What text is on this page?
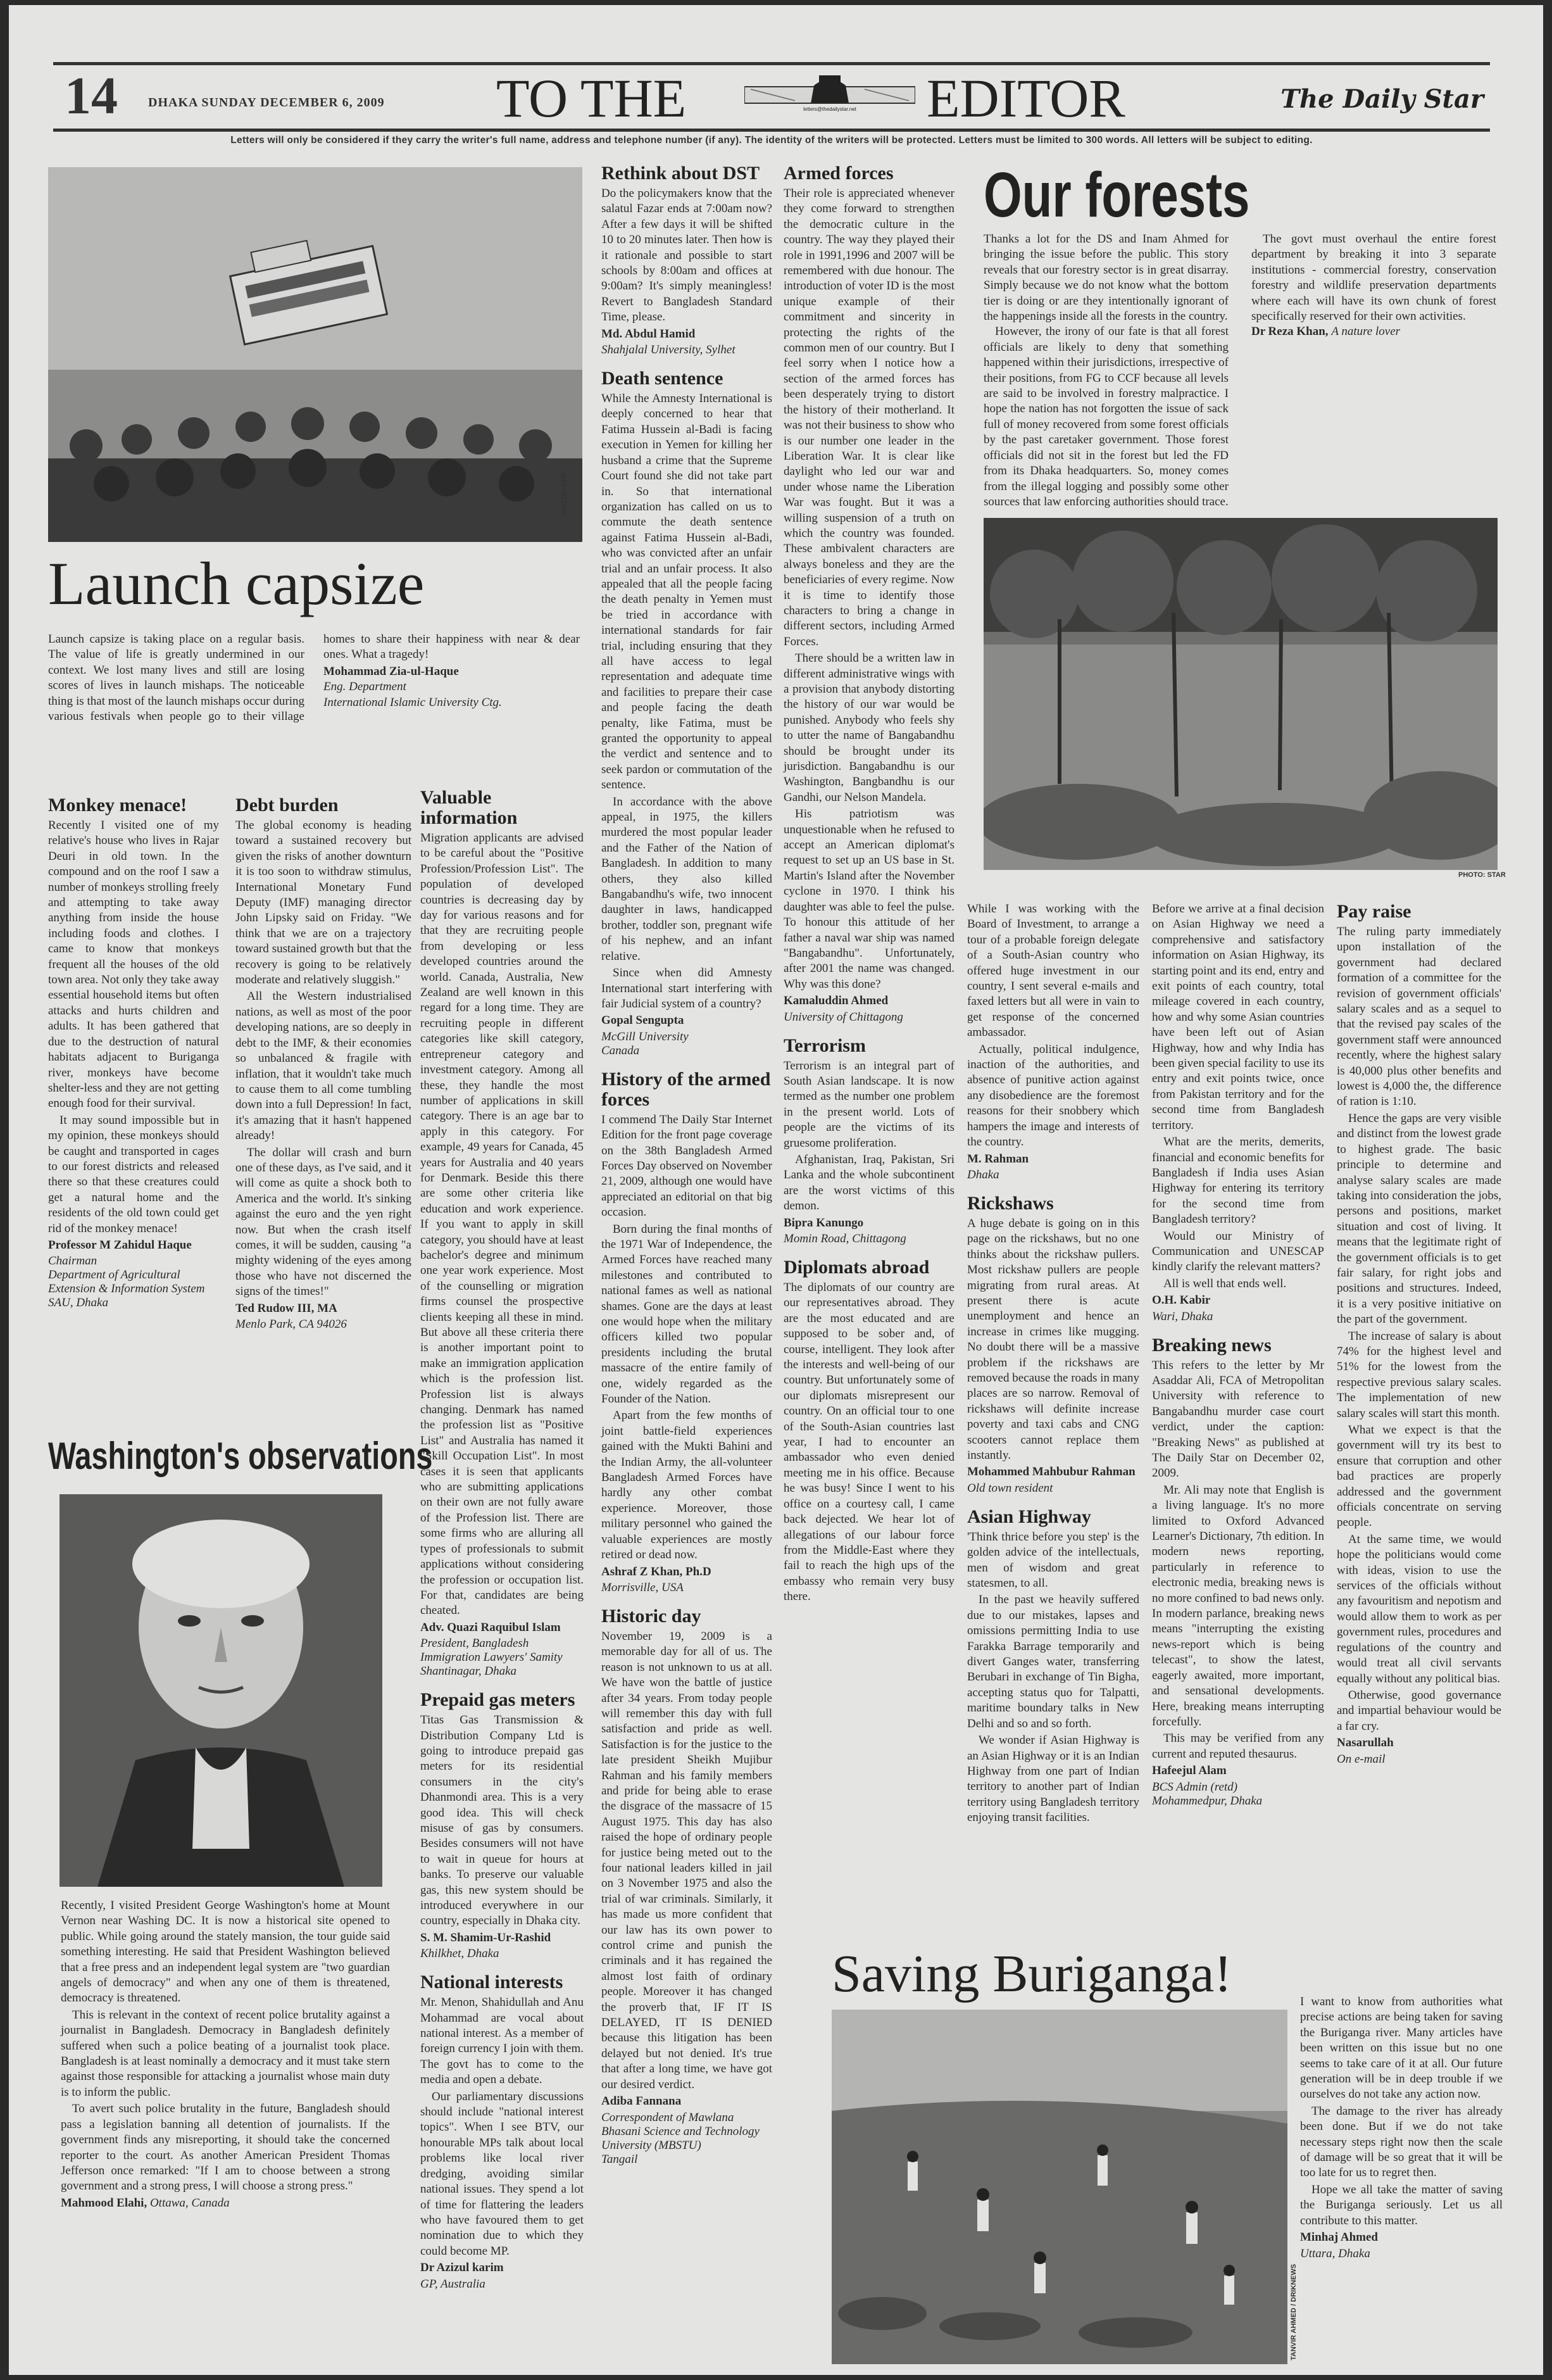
14 DHAKA SUNDAY DECEMBER 6, 2009 TO THE	letters@thedailystar.net EDITOR	The Daily Star
Letters will only be considered if they carry the writer's full name, address and telephone number (if any). The identity of the writers will be protected. Letters must be limited to 300 words. All letters will be subject to editing.
PHOTO: AFP
Launch capsize

Launch capsize is taking place on a regular basis. The value of life is greatly undermined in our context. We lost many lives and still are losing scores of lives in launch mishaps. The noticeable thing is that most of the launch mishaps occur during various festivals when people go to their village homes to share their happiness with near & dear ones. What a tragedy!

Mohammad Zia-ul-Haque

Eng. Department
International Islamic University Ctg.

Monkey menace!

Recently I visited one of my relative's house who lives in Rajar Deuri in old town. In the compound and on the roof I saw a number of monkeys strolling freely and attempting to take away anything from inside the house including foods and clothes. I came to know that monkeys frequent all the houses of the old town area. Not only they take away essential household items but often attacks and hurts children and adults. It has been gathered that due to the destruction of natural habitats adjacent to Buriganga river, monkeys have become shelter-less and they are not getting enough food for their survival.

It may sound impossible but in my opinion, these monkeys should be caught and transported in cages to our forest districts and released there so that these creatures could get a natural home and the residents of the old town could get rid of the monkey menace!

Professor M Zahidul Haque

Chairman
Department of Agricultural Extension & Information System
SAU, Dhaka

Debt burden

The global economy is heading toward a sustained recovery but given the risks of another downturn it is too soon to withdraw stimulus, International Monetary Fund Deputy (IMF) managing director John Lipsky said on Friday. "We think that we are on a trajectory toward sustained growth but that the recovery is going to be relatively moderate and relatively sluggish."

All the Western industrialised nations, as well as most of the poor developing nations, are so deeply in debt to the IMF, & their economies so unbalanced & fragile with inflation, that it wouldn't take much to cause them to all come tumbling down into a full Depression! In fact, it's amazing that it hasn't happened already!

The dollar will crash and burn one of these days, as I've said, and it will come as quite a shock both to America and the world. It's sinking against the euro and the yen right now. But when the crash itself comes, it will be sudden, causing "a mighty widening of the eyes among those who have not discerned the signs of the times!"

Ted Rudow III, MA

Menlo Park, CA 94026

Washington's observations

Recently, I visited President George Washington's home at Mount Vernon near Washing DC. It is now a historical site opened to public. While going around the stately mansion, the tour guide said something interesting. He said that President Washington believed that a free press and an independent legal system are "two guardian angels of democracy" and when any one of them is threatened, democracy is threatened.

This is relevant in the context of recent police brutality against a journalist in Bangladesh. Democracy in Bangladesh definitely suffered when such a police beating of a journalist took place. Bangladesh is at least nominally a democracy and it must take stern against those responsible for attacking a journalist whose main duty is to inform the public.

To avert such police brutality in the future, Bangladesh should pass a legislation banning all detention of journalists. If the government finds any misreporting, it should take the concerned reporter to the court. As another American President Thomas Jefferson once remarked: "If I am to choose between a strong government and a strong press, I will choose a strong press."

Mahmood Elahi, Ottawa, Canada

Valuable information

Migration applicants are advised to be careful about the "Positive Profession/Profession List". The population of developed countries is decreasing day by day for various reasons and for that they are recruiting people from developing or less developed countries around the world. Canada, Australia, New Zealand are well known in this regard for a long time. They are recruiting people in different categories like skill category, entrepreneur category and investment category. Among all these, they handle the most number of applications in skill category. There is an age bar to apply in this category. For example, 49 years for Canada, 45 years for Australia and 40 years for Denmark. Beside this there are some other criteria like education and work experience. If you want to apply in skill category, you should have at least bachelor's degree and minimum one year work experience. Most of the counselling or migration firms counsel the prospective clients keeping all these in mind. But above all these criteria there is another important point to make an immigration application which is the profession list. Profession list is always changing. Denmark has named the profession list as "Positive List" and Australia has named it "Skill Occupation List". In most cases it is seen that applicants who are submitting applications on their own are not fully aware of the Profession list. There are some firms who are alluring all types of professionals to submit applications without considering the profession or occupation list. For that, candidates are being cheated.

Adv. Quazi Raquibul Islam

President, Bangladesh Immigration Lawyers' Samity
Shantinagar, Dhaka

Prepaid gas meters

Titas Gas Transmission & Distribution Company Ltd is going to introduce prepaid gas meters for its residential consumers in the city's Dhanmondi area. This is a very good idea. This will check misuse of gas by consumers. Besides consumers will not have to wait in queue for hours at banks. To preserve our valuable gas, this new system should be introduced everywhere in our country, especially in Dhaka city.

S. M. Shamim-Ur-Rashid

Khilkhet, Dhaka

National interests

Mr. Menon, Shahidullah and Anu Mohammad are vocal about national interest. As a member of foreign currency I join with them. The govt has to come to the media and open a debate.

Our parliamentary discussions should include "national interest topics". When I see BTV, our honourable MPs talk about local problems like local river dredging, avoiding similar national issues. They spend a lot of time for flattering the leaders who have favoured them to get nomination due to which they could become MP.

Dr Azizul karim

GP, Australia

Rethink about DST

Do the policymakers know that the salatul Fazar ends at 7:00am now? After a few days it will be shifted 10 to 20 minutes later. Then how is it rationale and possible to start schools by 8:00am and offices at 9:00am? It's simply meaningless! Revert to Bangladesh Standard Time, please.

Md. Abdul Hamid

Shahjalal University, Sylhet

Death sentence

While the Amnesty International is deeply concerned to hear that Fatima Hussein al-Badi is facing execution in Yemen for killing her husband a crime that the Supreme Court found she did not take part in. So that international organization has called on us to commute the death sentence against Fatima Hussein al-Badi, who was convicted after an unfair trial and an unfair process. It also appealed that all the people facing the death penalty in Yemen must be tried in accordance with international standards for fair trial, including ensuring that they all have access to legal representation and adequate time and facilities to prepare their case and people facing the death penalty, like Fatima, must be granted the opportunity to appeal the verdict and sentence and to seek pardon or commutation of the sentence.

In accordance with the above appeal, in 1975, the killers murdered the most popular leader and the Father of the Nation of Bangladesh. In addition to many others, they also killed Bangabandhu's wife, two innocent daughter in laws, handicapped brother, toddler son, pregnant wife of his nephew, and an infant relative.

Since when did Amnesty International start interfering with fair Judicial system of a country?

Gopal Sengupta

McGill University
Canada

History of the armed forces

I commend The Daily Star Internet Edition for the front page coverage on the 38th Bangladesh Armed Forces Day observed on November 21, 2009, although one would have appreciated an editorial on that big occasion.

Born during the final months of the 1971 War of Independence, the Armed Forces have reached many milestones and contributed to national fames as well as national shames. Gone are the days at least one would hope when the military officers killed two popular presidents including the brutal massacre of the entire family of one, widely regarded as the Founder of the Nation.

Apart from the few months of joint battle-field experiences gained with the Mukti Bahini and the Indian Army, the all-volunteer Bangladesh Armed Forces have hardly any other combat experience. Moreover, those military personnel who gained the valuable experiences are mostly retired or dead now.

Ashraf Z Khan, Ph.D

Morrisville, USA

Historic day

November 19, 2009 is a memorable day for all of us. The reason is not unknown to us at all. We have won the battle of justice after 34 years. From today people will remember this day with full satisfaction and pride as well. Satisfaction is for the justice to the late president Sheikh Mujibur Rahman and his family members and pride for being able to erase the disgrace of the massacre of 15 August 1975. This day has also raised the hope of ordinary people for justice being meted out to the four national leaders killed in jail on 3 November 1975 and also the trial of war criminals. Similarly, it has made us more confident that our law has its own power to control crime and punish the criminals and it has regained the almost lost faith of ordinary people. Moreover it has changed the proverb that, IF IT IS DELAYED, IT IS DENIED because this litigation has been delayed but not denied. It's true that after a long time, we have got our desired verdict.

Adiba Fannana

Correspondent of Mawlana Bhasani Science and Technology University (MBSTU)
Tangail

Armed forces

Their role is appreciated whenever they come forward to strengthen the democratic culture in the country. The way they played their role in 1991,1996 and 2007 will be remembered with due honour. The introduction of voter ID is the most unique example of their commitment and sincerity in protecting the rights of the common men of our country. But I feel sorry when I notice how a section of the armed forces has been desperately trying to distort the history of their motherland. It was not their business to show who is our number one leader in the Liberation War. It is clear like daylight who led our war and under whose name the Liberation War was fought. But it was a willing suspension of a truth on which the country was founded. These ambivalent characters are always boneless and they are the beneficiaries of every regime. Now it is time to identify those characters to bring a change in different sectors, including Armed Forces.

There should be a written law in different administrative wings with a provision that anybody distorting the history of our war would be punished. Anybody who feels shy to utter the name of Bangabandhu should be brought under its jurisdiction. Bangabandhu is our Washington, Bangbandhu is our Gandhi, our Nelson Mandela.

His patriotism was unquestionable when he refused to accept an American diplomat's request to set up an US base in St. Martin's Island after the November cyclone in 1970. I think his daughter was able to feel the pulse. To honour this attitude of her father a naval war ship was named "Bangabandhu". Unfortunately, after 2001 the name was changed. Why was this done?

Kamaluddin Ahmed

University of Chittagong

Terrorism

Terrorism is an integral part of South Asian landscape. It is now termed as the number one problem in the present world. Lots of people are the victims of its gruesome proliferation.

Afghanistan, Iraq, Pakistan, Sri Lanka and the whole subcontinent are the worst victims of this demon.

Bipra Kanungo

Momin Road, Chittagong

Diplomats abroad

The diplomats of our country are our representatives abroad. They are the most educated and are supposed to be sober and, of course, intelligent. They look after the interests and well-being of our country. But unfortunately some of our diplomats misrepresent our country. On an official tour to one of the South-Asian countries last year, I had to encounter an ambassador who even denied meeting me in his office. Because he was busy! Since I went to his office on a courtesy call, I came back dejected. We hear lot of allegations of our labour force from the Middle-East where they fail to reach the high ups of the embassy who remain very busy there.

Our forests

Thanks a lot for the DS and Inam Ahmed for bringing the issue before the public. This story reveals that our forestry sector is in great disarray. Simply because we do not know what the bottom tier is doing or are they intentionally ignorant of the happenings inside all the forests in the country.

However, the irony of our fate is that all forest officials are likely to deny that something happened within their jurisdictions, irrespective of their positions, from FG to CCF because all levels are said to be involved in forestry malpractice. I hope the nation has not forgotten the issue of sack full of money recovered from some forest officials by the past caretaker government. Those forest officials did not sit in the forest but led the FD from its Dhaka headquarters. So, money comes from the illegal logging and possibly some other sources that law enforcing authorities should trace.

The govt must overhaul the entire forest department by breaking it into 3 separate institutions - commercial forestry, conservation forestry and wildlife preservation departments where each will have its own chunk of forest specifically reserved for their own activities.

Dr Reza Khan, A nature lover

PHOTO: STAR

While I was working with the Board of Investment, to arrange a tour of a probable foreign delegate of a South-Asian country who offered huge investment in our country, I sent several e-mails and faxed letters but all were in vain to get response of the concerned ambassador.

Actually, political indulgence, inaction of the authorities, and absence of punitive action against any disobedience are the foremost reasons for their snobbery which hampers the image and interests of the country.

M. Rahman

Dhaka

Rickshaws

A huge debate is going on in this page on the rickshaws, but no one thinks about the rickshaw pullers. Most rickshaw pullers are people migrating from rural areas. At present there is acute unemployment and hence an increase in crimes like mugging. No doubt there will be a massive problem if the rickshaws are removed because the roads in many places are so narrow. Removal of rickshaws will definite increase poverty and taxi cabs and CNG scooters cannot replace them instantly.

Mohammed Mahbubur Rahman

Old town resident

Asian Highway

'Think thrice before you step' is the golden advice of the intellectuals, men of wisdom and great statesmen, to all.

In the past we heavily suffered due to our mistakes, lapses and omissions permitting India to use Farakka Barrage temporarily and divert Ganges water, transferring Berubari in exchange of Tin Bigha, accepting status quo for Talpatti, maritime boundary talks in New Delhi and so and so forth.

We wonder if Asian Highway is an Asian Highway or it is an Indian Highway from one part of Indian territory to another part of Indian territory using Bangladesh territory enjoying transit facilities.

Before we arrive at a final decision on Asian Highway we need a comprehensive and satisfactory information on Asian Highway, its starting point and its end, entry and exit points of each country, total mileage covered in each country, how and why some Asian countries have been left out of Asian Highway, how and why India has been given special facility to use its entry and exit points twice, once from Pakistan territory and for the second time from Bangladesh territory.

What are the merits, demerits, financial and economic benefits for Bangladesh if India uses Asian Highway for entering its territory for the second time from Bangladesh territory?

Would our Ministry of Communication and UNESCAP kindly clarify the relevant matters?

All is well that ends well.

O.H. Kabir

Wari, Dhaka

Breaking news

This refers to the letter by Mr Asaddar Ali, FCA of Metropolitan University with reference to Bangabandhu murder case court verdict, under the caption: "Breaking News" as published at The Daily Star on December 02, 2009.

Mr. Ali may note that English is a living language. It's no more limited to Oxford Advanced Learner's Dictionary, 7th edition. In modern news reporting, particularly in reference to electronic media, breaking news is no more confined to bad news only. In modern parlance, breaking news means "interrupting the existing news-report which is being telecast", to show the latest, eagerly awaited, more important, and sensational developments. Here, breaking means interrupting forcefully.

This may be verified from any current and reputed thesaurus.

Hafeejul Alam

BCS Admin (retd)
Mohammedpur, Dhaka

Pay raise

The ruling party immediately upon installation of the government had declared formation of a committee for the revision of government officials' salary scales and as a sequel to that the revised pay scales of the government staff were announced recently, where the highest salary is 40,000 plus other benefits and lowest is 4,000 the, the difference of ration is 1:10.

Hence the gaps are very visible and distinct from the lowest grade to highest grade. The basic principle to determine and analyse salary scales are made taking into consideration the jobs, persons and positions, market situation and cost of living. It means that the legitimate right of the government officials is to get fair salary, for right jobs and positions and structures. Indeed, it is a very positive initiative on the part of the government.

The increase of salary is about 74% for the highest level and 51% for the lowest from the respective previous salary scales. The implementation of new salary scales will start this month.

What we expect is that the government will try its best to ensure that corruption and other bad practices are properly addressed and the government officials concentrate on serving people.

At the same time, we would hope the politicians would come with ideas, vision to use the services of the officials without any favouritism and nepotism and would allow them to work as per government rules, procedures and regulations of the country and would treat all civil servants equally without any political bias.

Otherwise, good governance and impartial behaviour would be a far cry.

Nasarullah

On e-mail

Saving Buriganga!
TANVIR AHMED / DRIKNEWS

I want to know from authorities what precise actions are being taken for saving the Buriganga river. Many articles have been written on this issue but no one seems to take care of it at all. Our future generation will be in deep trouble if we ourselves do not take any action now.

The damage to the river has already been done. But if we do not take necessary steps right now then the scale of damage will be so great that it will be too late for us to regret then.

Hope we all take the matter of saving the Buriganga seriously. Let us all contribute to this matter.

Minhaj Ahmed

Uttara, Dhaka
